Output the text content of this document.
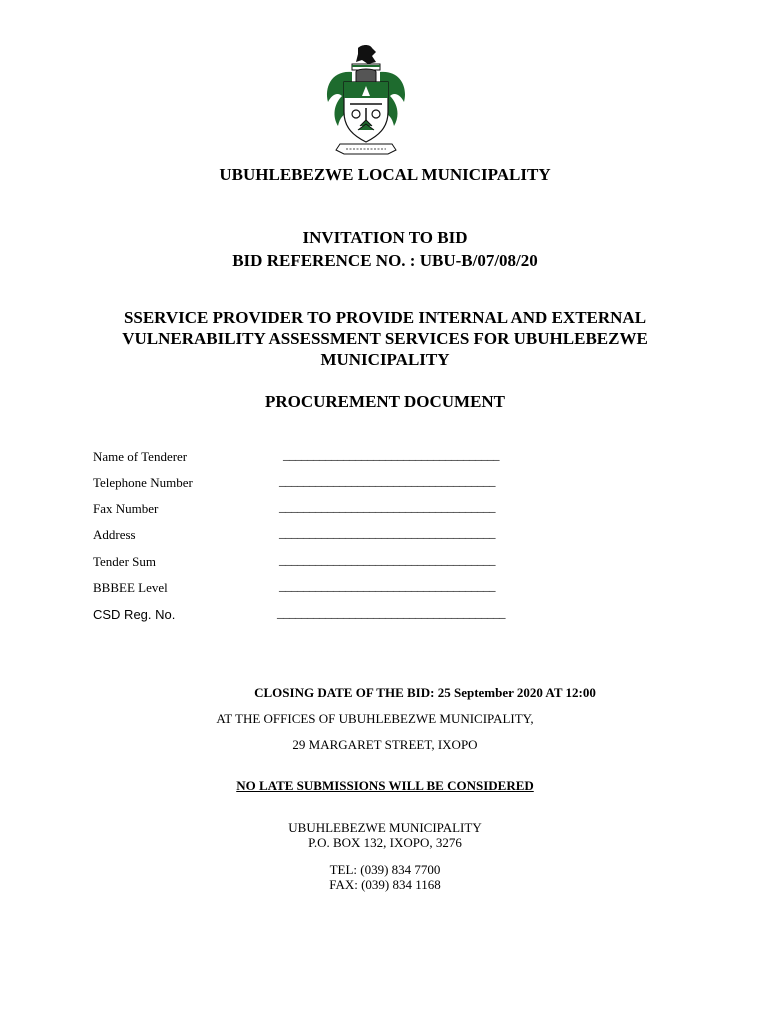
UBUHLEBEZWE LOCAL MUNICIPALITY
INVITATION TO BID
BID REFERENCE NO. : UBU-B/07/08/20
SSERVICE PROVIDER TO PROVIDE INTERNAL AND EXTERNAL
VULNERABILITY ASSESSMENT SERVICES FOR UBUHLEBEZWE
MUNICIPALITY
PROCUREMENT DOCUMENT
Name of Tenderer	____________________________________
Telephone Number	____________________________________
Fax Number	____________________________________
Address	____________________________________
Tender Sum	____________________________________
BBBEE Level	____________________________________
CSD Reg. No.	______________________________________
CLOSING DATE OF THE BID: 25 September 2020 AT 12:00
AT THE OFFICES OF UBUHLEBEZWE MUNICIPALITY,
29 MARGARET STREET, IXOPO
NO LATE SUBMISSIONS WILL BE CONSIDERED
UBUHLEBEZWE MUNICIPALITY
P.O. BOX 132, IXOPO, 3276
TEL: (039) 834 7700
FAX: (039) 834 1168
